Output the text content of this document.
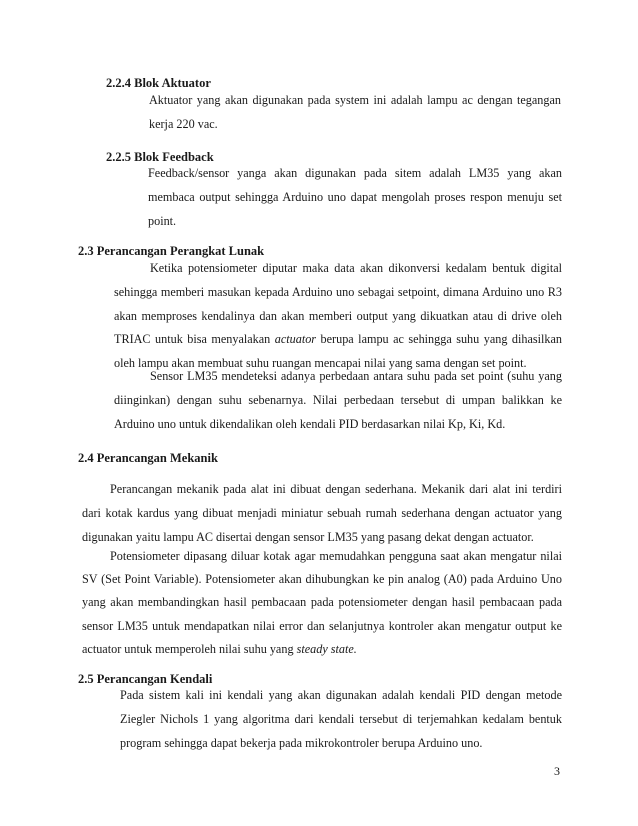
2.2.4 Blok Aktuator
Aktuator yang akan digunakan pada system ini adalah lampu ac dengan tegangan kerja 220 vac.
2.2.5 Blok Feedback
Feedback/sensor yanga akan digunakan pada sitem adalah LM35 yang akan membaca output sehingga Arduino uno dapat mengolah proses respon menuju set point.
2.3 Perancangan Perangkat Lunak
Ketika potensiometer diputar maka data akan dikonversi kedalam bentuk digital sehingga memberi masukan kepada Arduino uno sebagai setpoint, dimana Arduino uno R3 akan memproses kendalinya dan akan memberi output yang dikuatkan atau di drive oleh TRIAC untuk bisa menyalakan actuator berupa lampu ac sehingga suhu yang dihasilkan oleh lampu akan membuat suhu ruangan mencapai nilai yang sama dengan set point.
Sensor LM35 mendeteksi adanya perbedaan antara suhu pada set point (suhu yang diinginkan) dengan suhu sebenarnya. Nilai perbedaan tersebut di umpan balikkan ke Arduino uno untuk dikendalikan oleh kendali PID berdasarkan nilai Kp, Ki, Kd.
2.4 Perancangan Mekanik
Perancangan mekanik pada alat ini dibuat dengan sederhana. Mekanik dari alat ini terdiri dari kotak kardus yang dibuat menjadi miniatur sebuah rumah sederhana dengan actuator yang digunakan yaitu lampu AC disertai dengan sensor LM35 yang pasang dekat dengan actuator.
Potensiometer dipasang diluar kotak agar memudahkan pengguna saat akan mengatur nilai SV (Set Point Variable). Potensiometer akan dihubungkan ke pin analog (A0) pada Arduino Uno yang akan membandingkan hasil pembacaan pada potensiometer dengan hasil pembacaan pada sensor LM35 untuk mendapatkan nilai error dan selanjutnya kontroler akan mengatur output ke actuator untuk memperoleh nilai suhu yang steady state.
2.5 Perancangan Kendali
Pada sistem kali ini kendali yang akan digunakan adalah kendali PID dengan metode Ziegler Nichols 1 yang algoritma dari kendali tersebut di terjemahkan kedalam bentuk program sehingga dapat bekerja pada mikrokontroler berupa Arduino uno.
3
